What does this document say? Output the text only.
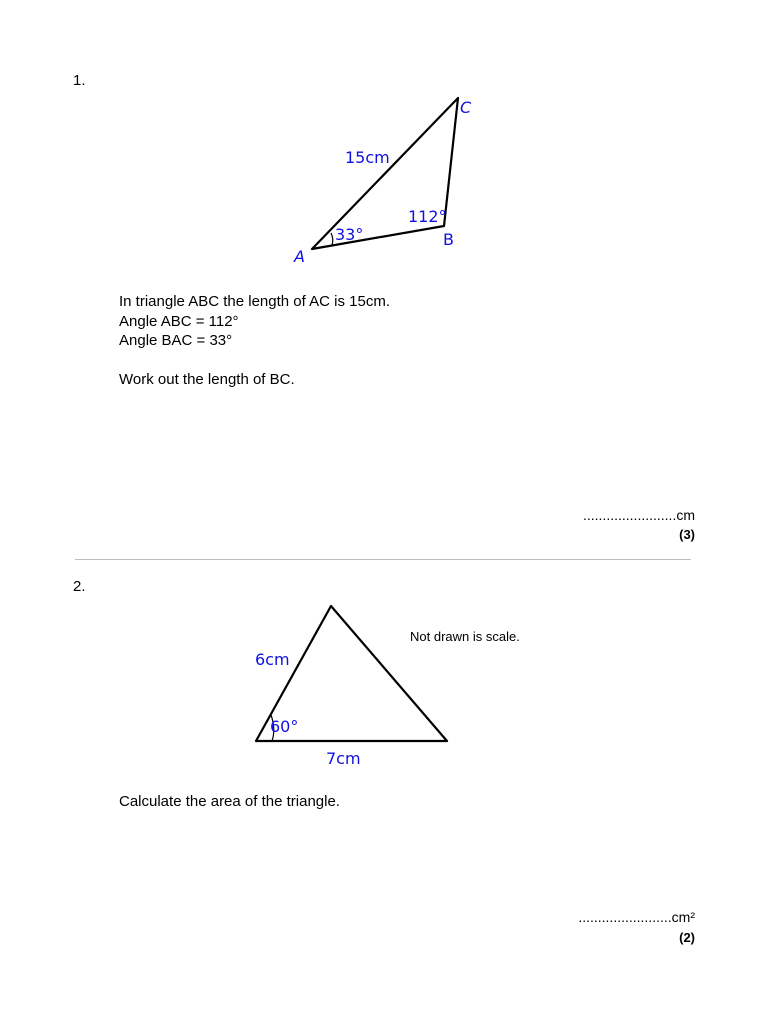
1.
15cm
112°
33°
A
B
C
In triangle ABC the length of AC is 15cm.
Angle ABC = 112°
Angle BAC = 33°
Work out the length of BC.
........................cm
(3)
2.
6cm
60°
7cm
Not drawn is scale.
Calculate the area of the triangle.
........................cm²
(2)
